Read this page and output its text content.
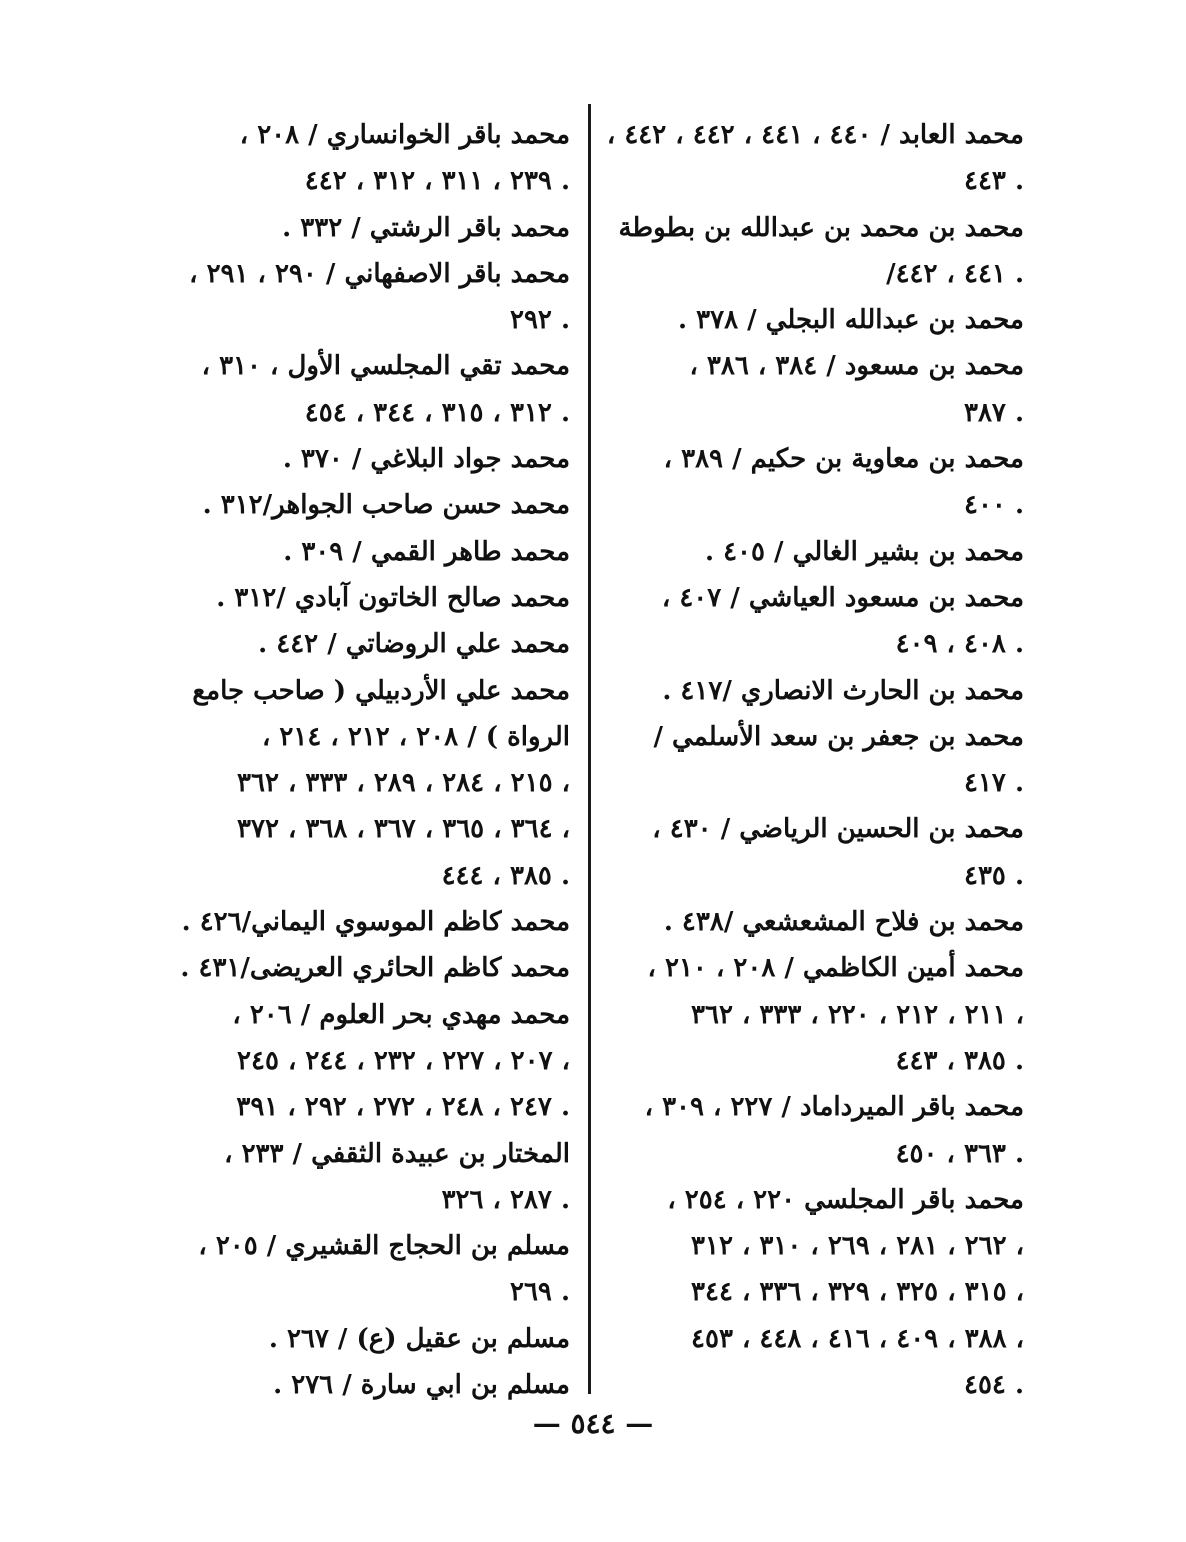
محمد العابد / ٤٤٠ ، ٤٤١ ، ٤٤٢ ، ٤٤٢ ،
٤٤٣ .
محمد بن محمد بن عبدالله بن بطوطة
/٤٤١ ، ٤٤٢ .
محمد بن عبدالله البجلي / ٣٧٨ .
محمد بن مسعود / ٣٨٤ ، ٣٨٦ ،
٣٨٧ .
محمد بن معاوية بن حكيم / ٣٨٩ ،
٤٠٠ .
محمد بن بشير الغالي / ٤٠٥ .
محمد بن مسعود العياشي / ٤٠٧ ،
٤٠٨ ، ٤٠٩ .
محمد بن الحارث الانصاري /٤١٧ .
محمد بن جعفر بن سعد الأسلمي /
٤١٧ .
محمد بن الحسين الرياضي / ٤٣٠ ،
٤٣٥ .
محمد بن فلاح المشعشعي /٤٣٨ .
محمد أمين الكاظمي / ٢٠٨ ، ٢١٠ ،
٢١١ ، ٢١٢ ، ٢٢٠ ، ٣٣٣ ، ٣٦٢ ،
٣٨٥ ، ٤٤٣ .
محمد باقر الميرداماد / ٢٢٧ ، ٣٠٩ ،
٣٦٣ ، ٤٥٠ .
محمد باقر المجلسي ٢٢٠ ، ٢٥٤ ،
٢٦٢ ، ٢٨١ ، ٢٦٩ ، ٣١٠ ، ٣١٢ ،
٣١٥ ، ٣٢٥ ، ٣٢٩ ، ٣٣٦ ، ٣٤٤ ،
٣٨٨ ، ٤٠٩ ، ٤١٦ ، ٤٤٨ ، ٤٥٣ ،
٤٥٤ .
محمد باقر الخوانساري / ٢٠٨ ،
٢٣٩ ، ٣١١ ، ٣١٢ ، ٤٤٢ .
محمد باقر الرشتي / ٣٣٢ .
محمد باقر الاصفهاني / ٢٩٠ ، ٢٩١ ،
٢٩٢ .
محمد تقي المجلسي الأول ، ٣١٠ ،
٣١٢ ، ٣١٥ ، ٣٤٤ ، ٤٥٤ .
محمد جواد البلاغي / ٣٧٠ .
محمد حسن صاحب الجواهر/٣١٢ .
محمد طاهر القمي / ٣٠٩ .
محمد صالح الخاتون آبادي /٣١٢ .
محمد علي الروضاتي / ٤٤٢ .
محمد علي الأردبيلي ( صاحب جامع
الرواة ) / ٢٠٨ ، ٢١٢ ، ٢١٤ ،
٢١٥ ، ٢٨٤ ، ٢٨٩ ، ٣٣٣ ، ٣٦٢ ،
٣٦٤ ، ٣٦٥ ، ٣٦٧ ، ٣٦٨ ، ٣٧٢ ،
٣٨٥ ، ٤٤٤ .
محمد كاظم الموسوي اليماني/٤٢٦ .
محمد كاظم الحائري العريضى/٤٣١ .
محمد مهدي بحر العلوم / ٢٠٦ ،
٢٠٧ ، ٢٢٧ ، ٢٣٢ ، ٢٤٤ ، ٢٤٥ ،
٢٤٧ ، ٢٤٨ ، ٢٧٢ ، ٢٩٢ ، ٣٩١ .
المختار بن عبيدة الثقفي / ٢٣٣ ،
٢٨٧ ، ٣٢٦ .
مسلم بن الحجاج القشيري / ٢٠٥ ،
٢٦٩ .
مسلم بن عقيل (ع) / ٢٦٧ .
مسلم بن ابي سارة / ٢٧٦ .
— ٥٤٤ —
